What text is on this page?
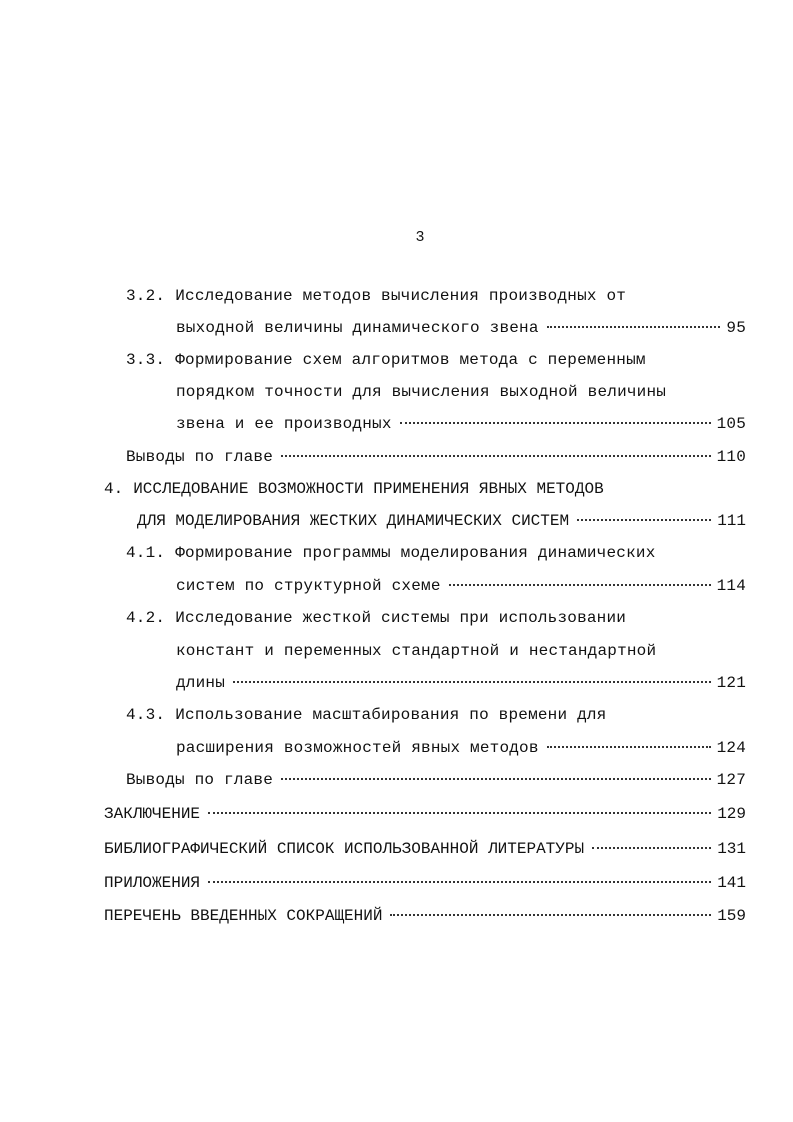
3
3.2. Исследование методов вычисления производных от
выходной величины динамического звена	95
3.3. Формирование схем алгоритмов метода с переменным
порядком точности для вычисления выходной величины
звена и ее производных	105
Выводы по главе	110
4. ИССЛЕДОВАНИЕ ВОЗМОЖНОСТИ ПРИМЕНЕНИЯ ЯВНЫХ МЕТОДОВ
ДЛЯ МОДЕЛИРОВАНИЯ ЖЕСТКИХ ДИНАМИЧЕСКИХ СИСТЕМ	111
4.1. Формирование программы моделирования динамических
систем по структурной схеме	114
4.2. Исследование жесткой системы при использовании
констант и переменных стандартной и нестандартной
длины	121
4.3. Использование масштабирования по времени для
расширения возможностей явных методов	124
Выводы по главе	127
ЗАКЛЮЧЕНИЕ	129
БИБЛИОГРАФИЧЕСКИЙ СПИСОК ИСПОЛЬЗОВАННОЙ ЛИТЕРАТУРЫ	131
ПРИЛОЖЕНИЯ	141
ПЕРЕЧЕНЬ ВВЕДЕННЫХ СОКРАЩЕНИЙ	159
